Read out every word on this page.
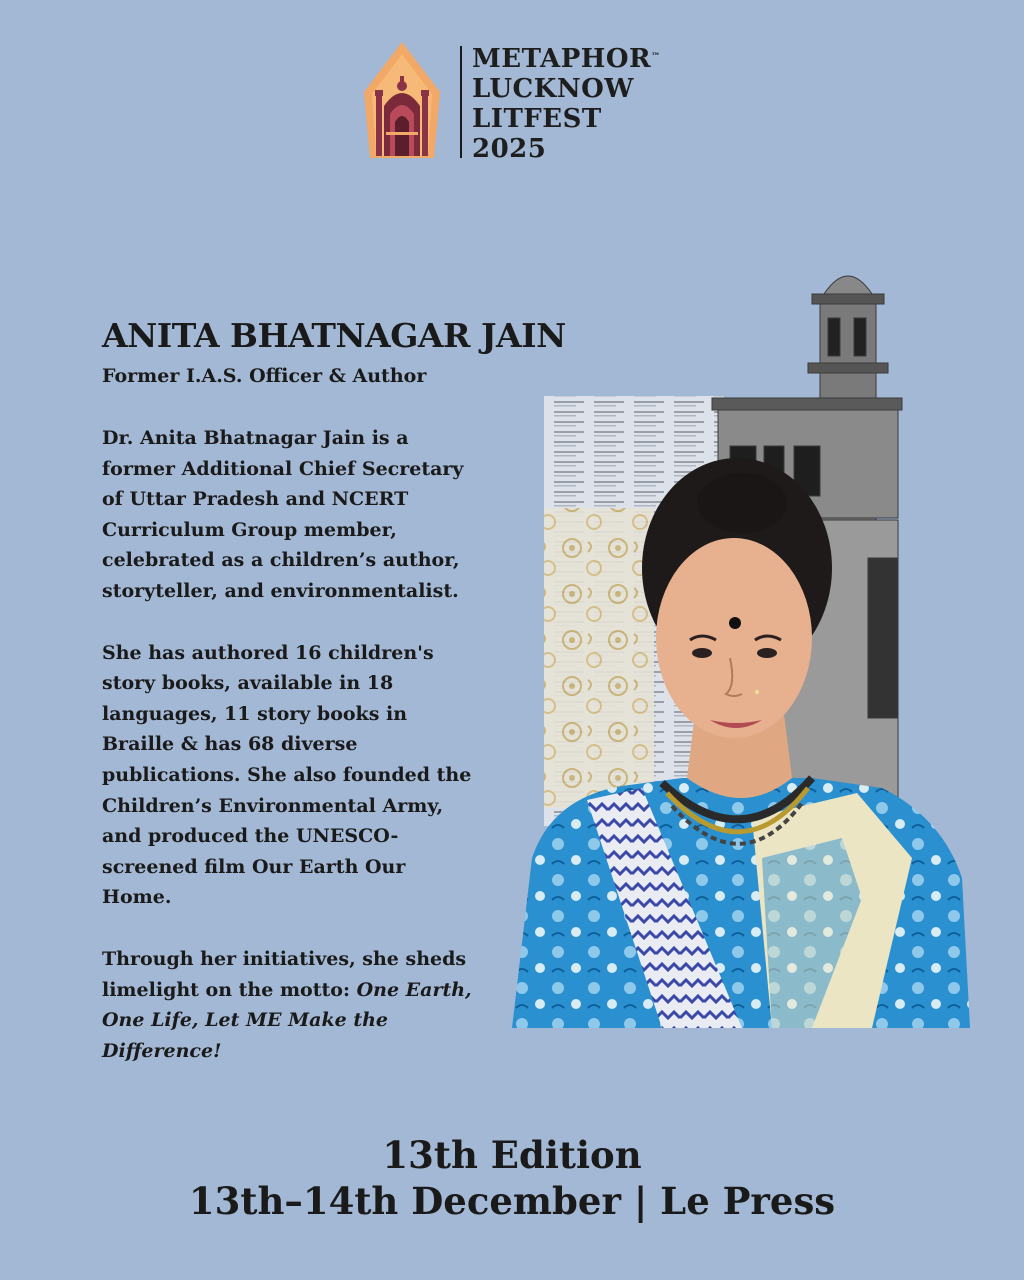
METAPHOR™
LUCKNOW
LITFEST
2025
ANITA BHATNAGAR JAIN
Former I.A.S. Officer & Author

Dr. Anita Bhatnagar Jain is a
former Additional Chief Secretary
of Uttar Pradesh and NCERT
Curriculum Group member,
celebrated as a children’s author,
storyteller, and environmentalist.

She has authored 16 children's
story books, available in 18
languages, 11 story books in
Braille & has 68 diverse
publications. She also founded the
Children’s Environmental Army,
and produced the UNESCO-
screened film Our Earth Our
Home.

Through her initiatives, she sheds
limelight on the motto: One Earth,
One Life, Let ME Make the
Difference!

13th Edition
13th–14th December | Le Press
